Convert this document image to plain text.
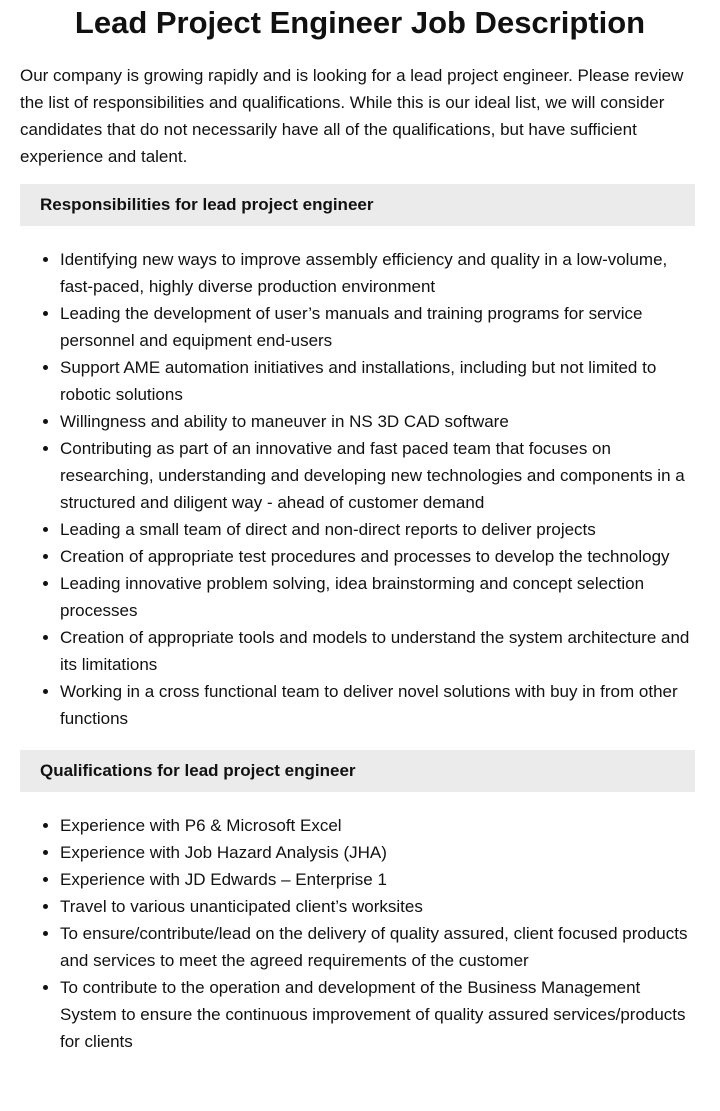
Lead Project Engineer Job Description

Our company is growing rapidly and is looking for a lead project engineer. Please review the list of responsibilities and qualifications. While this is our ideal list, we will consider candidates that do not necessarily have all of the qualifications, but have sufficient experience and talent.

Responsibilities for lead project engineer
• Identifying new ways to improve assembly efficiency and quality in a low-volume, fast-paced, highly diverse production environment
• Leading the development of user’s manuals and training programs for service personnel and equipment end-users
• Support AME automation initiatives and installations, including but not limited to robotic solutions
• Willingness and ability to maneuver in NS 3D CAD software
• Contributing as part of an innovative and fast paced team that focuses on researching, understanding and developing new technologies and components in a structured and diligent way - ahead of customer demand
• Leading a small team of direct and non-direct reports to deliver projects
• Creation of appropriate test procedures and processes to develop the technology
• Leading innovative problem solving, idea brainstorming and concept selection processes
• Creation of appropriate tools and models to understand the system architecture and its limitations
• Working in a cross functional team to deliver novel solutions with buy in from other functions
Qualifications for lead project engineer
• Experience with P6 & Microsoft Excel
• Experience with Job Hazard Analysis (JHA)
• Experience with JD Edwards – Enterprise 1
• Travel to various unanticipated client’s worksites
• To ensure/contribute/lead on the delivery of quality assured, client focused products and services to meet the agreed requirements of the customer
• To contribute to the operation and development of the Business Management System to ensure the continuous improvement of quality assured services/products for clients
